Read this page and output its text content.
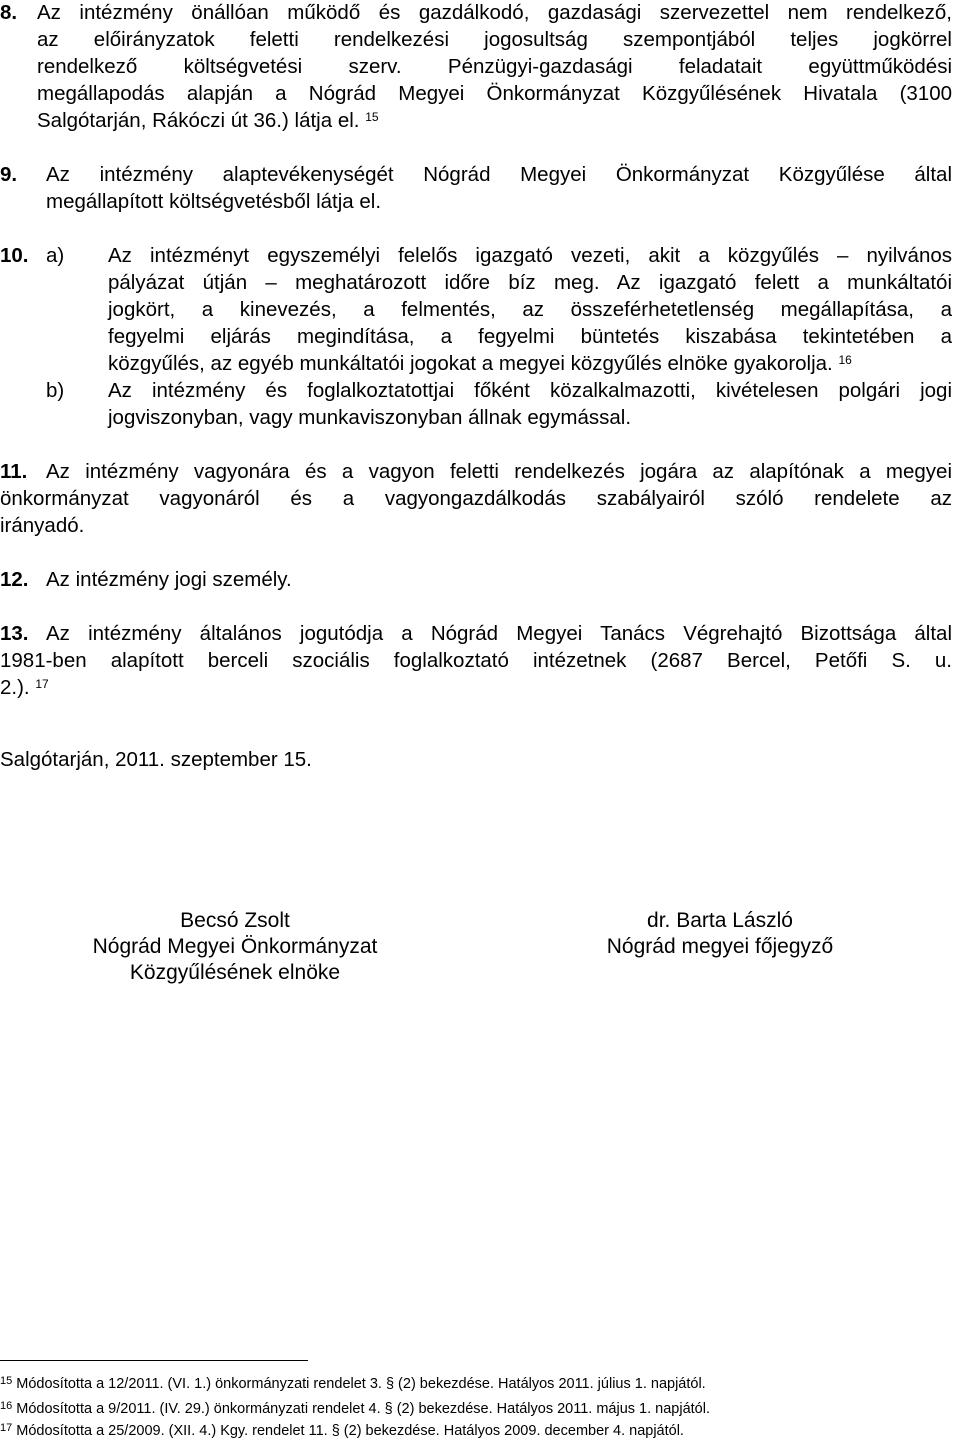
8. Az intézmény önállóan működő és gazdálkodó, gazdasági szervezettel nem rendelkező,
az előirányzatok feletti rendelkezési jogosultság szempontjából teljes jogkörrel
rendelkező költségvetési szerv. Pénzügyi-gazdasági feladatait együttműködési
megállapodás alapján a Nógrád Megyei Önkormányzat Közgyűlésének Hivatala (3100
Salgótarján, Rákóczi út 36.) látja el. $^{15}$
9. Az intézmény alaptevékenységét Nógrád Megyei Önkormányzat Közgyűlése által
megállapított költségvetésből látja el.
10. a) Az intézményt egyszemélyi felelős igazgató vezeti, akit a közgyűlés – nyilvános
pályázat útján – meghatározott időre bíz meg. Az igazgató felett a munkáltatói
jogkört, a kinevezés, a felmentés, az összeférhetetlenség megállapítása, a
fegyelmi eljárás megindítása, a fegyelmi büntetés kiszabása tekintetében a
közgyűlés, az egyéb munkáltatói jogokat a megyei közgyűlés elnöke gyakorolja. $^{16}$
b) Az intézmény és foglalkoztatottjai főként közalkalmazotti, kivételesen polgári jogi
jogviszonyban, vagy munkaviszonyban állnak egymással.
11. Az intézmény vagyonára és a vagyon feletti rendelkezés jogára az alapítónak a megyei
önkormányzat vagyonáról és a vagyongazdálkodás szabályairól szóló rendelete az
irányadó.
12. Az intézmény jogi személy.
13. Az intézmény általános jogutódja a Nógrád Megyei Tanács Végrehajtó Bizottsága által
1981-ben alapított berceli szociális foglalkoztató intézetnek (2687 Bercel, Petőfi S. u.
2.). $^{17}$
Salgótarján, 2011. szeptember 15.
Becsó Zsolt
Nógrád Megyei Önkormányzat
Közgyűlésének elnöke
dr. Barta László
Nógrád megyei főjegyző
$^{15}$ Módosította a 12/2011. (VI. 1.) önkormányzati rendelet 3. § (2) bekezdése. Hatályos 2011. július 1. napjától.
$^{16}$ Módosította a 9/2011. (IV. 29.) önkormányzati rendelet 4. § (2) bekezdése. Hatályos 2011. május 1. napjától.
$^{17}$ Módosította a 25/2009. (XII. 4.) Kgy. rendelet 11. § (2) bekezdése. Hatályos 2009. december 4. napjától.
